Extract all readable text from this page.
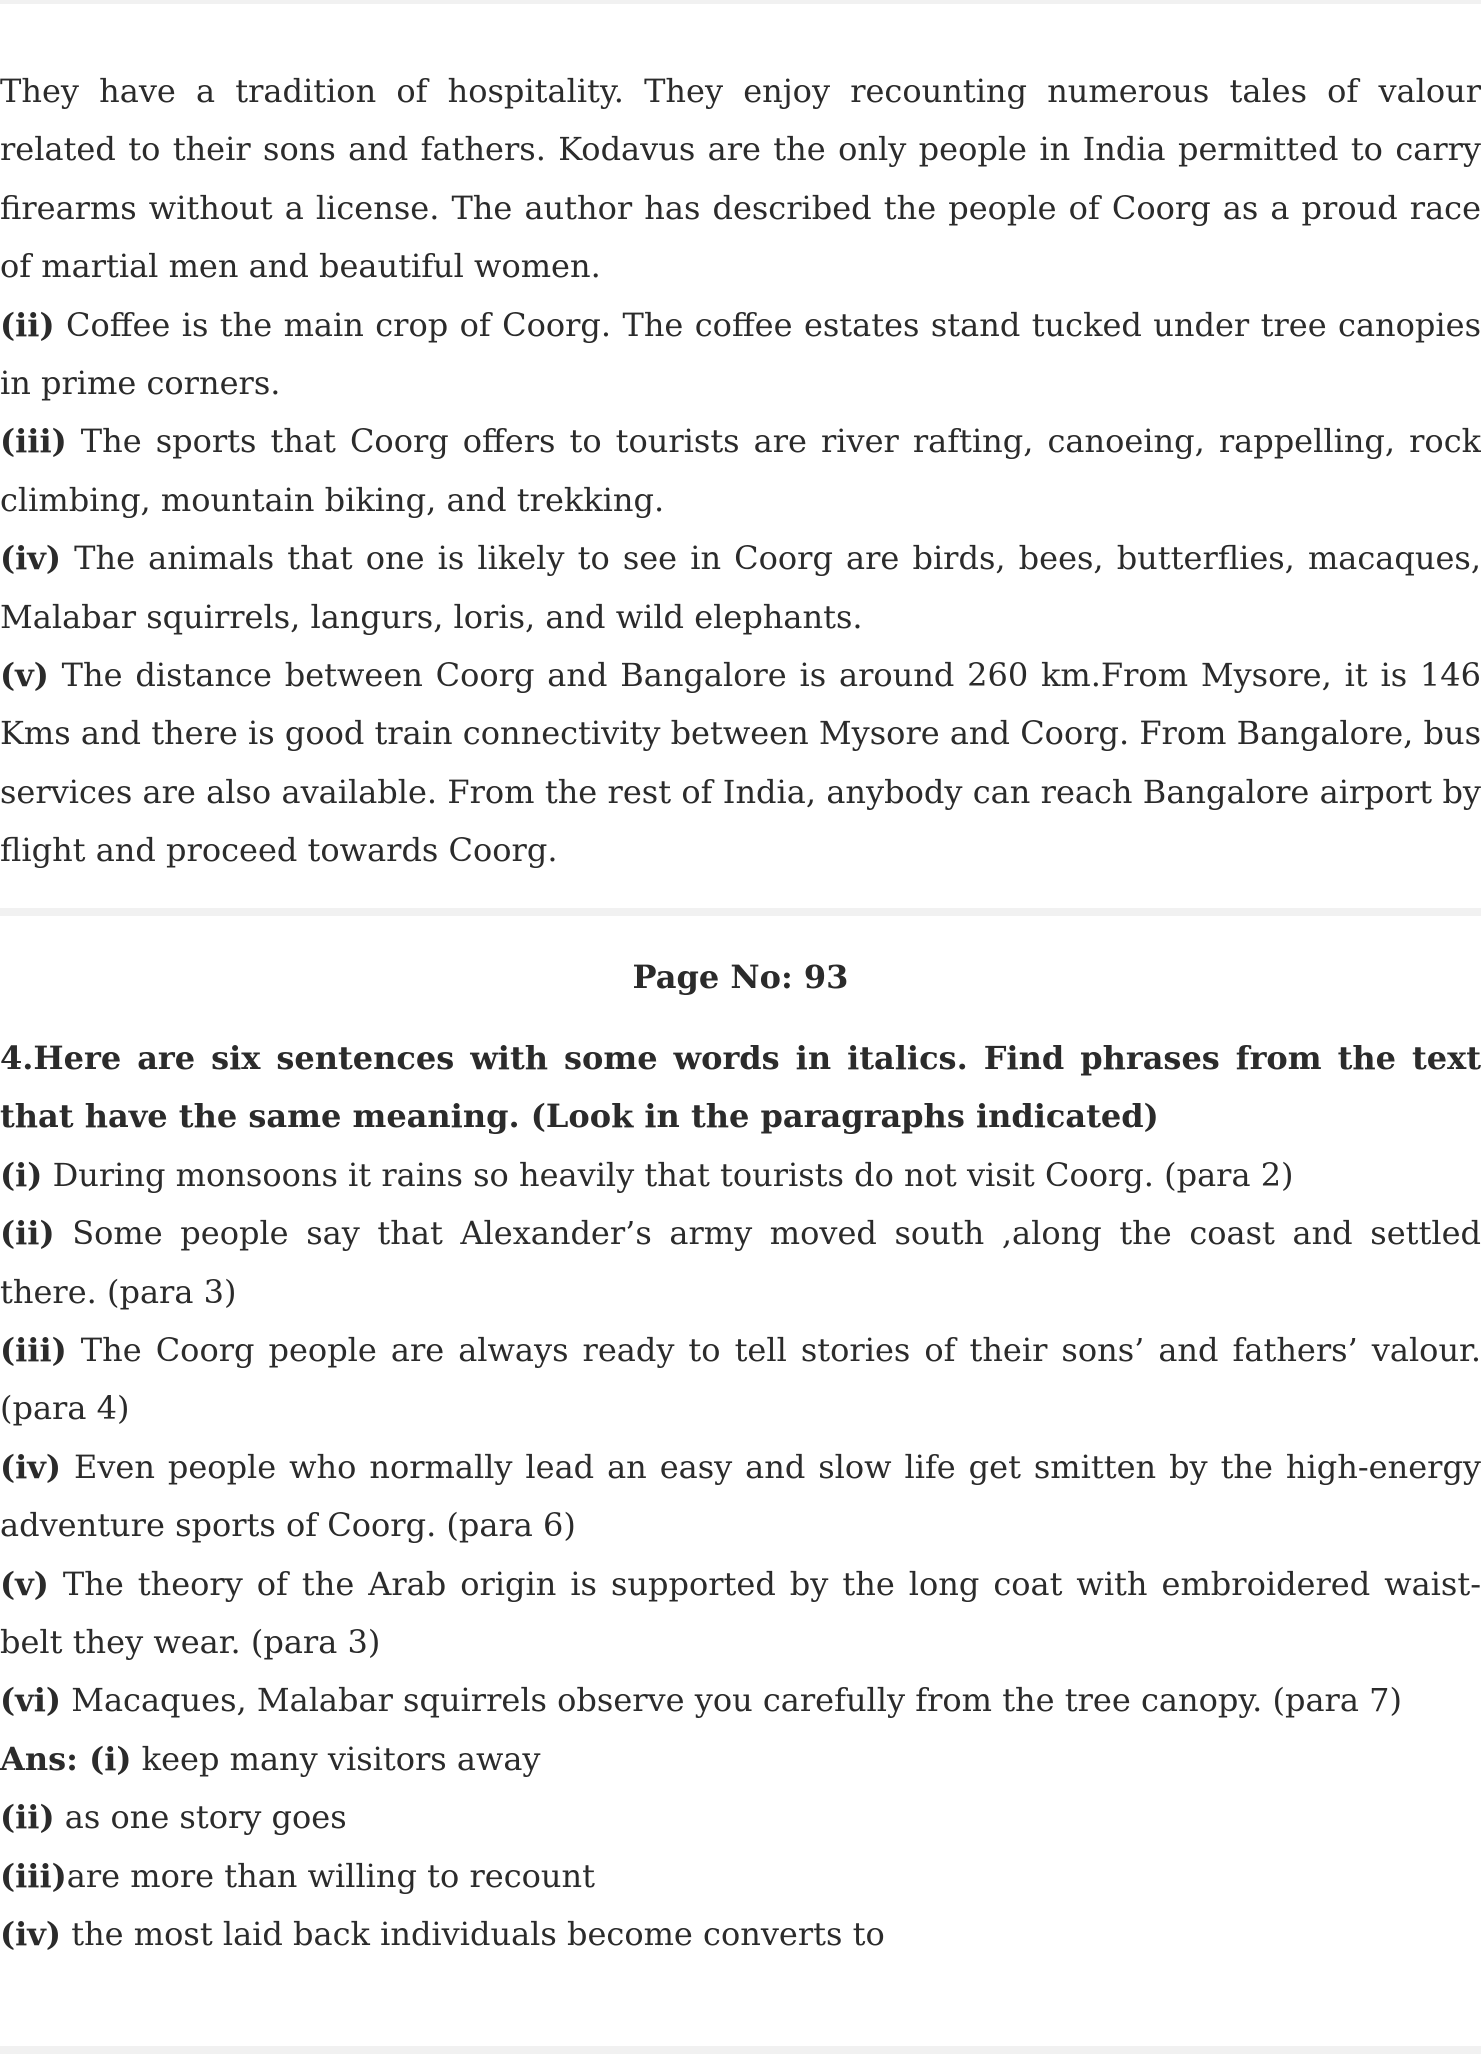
They have a tradition of hospitality. They enjoy recounting numerous tales of valour related to their sons and fathers. Kodavus are the only people in India permitted to carry firearms without a license. The author has described the people of Coorg as a proud race of martial men and beautiful women.

(ii) Coffee is the main crop of Coorg. The coffee estates stand tucked under tree canopies in prime corners.

(iii) The sports that Coorg offers to tourists are river rafting, canoeing, rappelling, rock climbing, mountain biking, and trekking.

(iv) The animals that one is likely to see in Coorg are birds, bees, butterflies, macaques, Malabar squirrels, langurs, loris, and wild elephants.

(v) The distance between Coorg and Bangalore is around 260 km.From Mysore, it is 146 Kms and there is good train connectivity between Mysore and Coorg. From Bangalore, bus services are also available. From the rest of India, anybody can reach Bangalore airport by flight and proceed towards Coorg.

Page No: 93

4.Here are six sentences with some words in italics. Find phrases from the text that have the same meaning. (Look in the paragraphs indicated)

(i) During monsoons it rains so heavily that tourists do not visit Coorg. (para 2)

(ii) Some people say that Alexander’s army moved south ,along the coast and settled there. (para 3)

(iii) The Coorg people are always ready to tell stories of their sons’ and fathers’ valour. (para 4)

(iv) Even people who normally lead an easy and slow life get smitten by the high-energy adventure sports of Coorg. (para 6)

(v) The theory of the Arab origin is supported by the long coat with embroidered waist-belt they wear. (para 3)

(vi) Macaques, Malabar squirrels observe you carefully from the tree canopy. (para 7)

Ans: (i) keep many visitors away

(ii) as one story goes

(iii)are more than willing to recount

(iv) the most laid back individuals become converts to
